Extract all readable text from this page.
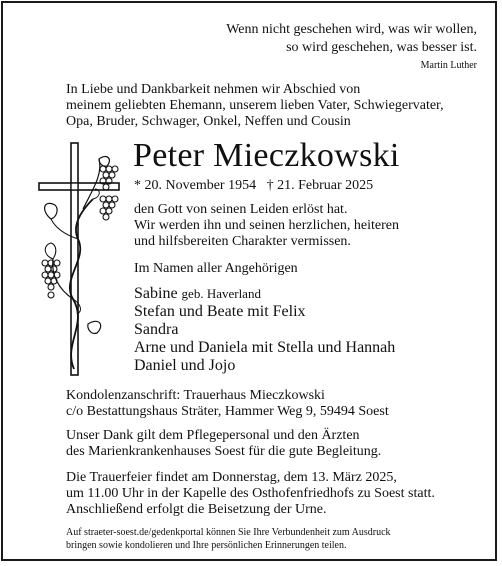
Wenn nicht geschehen wird, was wir wollen,
so wird geschehen, was besser ist.
Martin Luther
In Liebe und Dankbarkeit nehmen wir Abschied von
meinem geliebten Ehemann, unserem lieben Vater, Schwiegervater,
Opa, Bruder, Schwager, Onkel, Neffen und Cousin
Peter Mieczkowski
* 20. November 1954   † 21. Februar 2025
den Gott von seinen Leiden erlöst hat.
Wir werden ihn und seinen herzlichen, heiteren
und hilfsbereiten Charakter vermissen.
Im Namen aller Angehörigen
Sabine geb. Haverland
Stefan und Beate mit Felix
Sandra
Arne und Daniela mit Stella und Hannah
Daniel und Jojo
Kondolenzanschrift: Trauerhaus Mieczkowski
c/o Bestattungshaus Sträter, Hammer Weg 9, 59494 Soest
Unser Dank gilt dem Pflegepersonal und den Ärzten
des Marienkrankenhauses Soest für die gute Begleitung.
Die Trauerfeier findet am Donnerstag, dem 13. März 2025,
um 11.00 Uhr in der Kapelle des Osthofenfriedhofs zu Soest statt.
Anschließend erfolgt die Beisetzung der Urne.
Auf straeter-soest.de/gedenkportal können Sie Ihre Verbundenheit zum Ausdruck
bringen sowie kondolieren und Ihre persönlichen Erinnerungen teilen.
